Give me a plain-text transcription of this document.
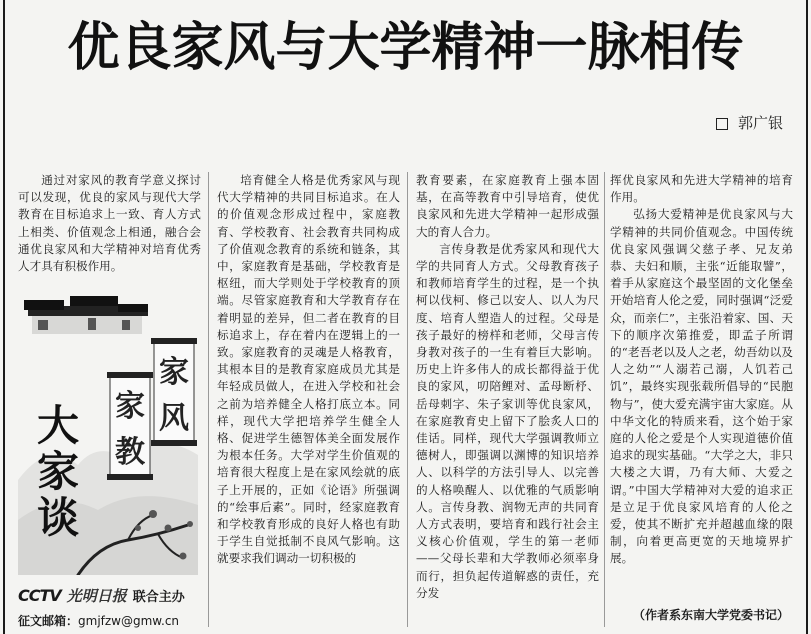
优良家风与大学精神一脉相传
郭广银

通过对家风的教育学意义探讨可以发现，优良的家风与现代大学教育在目标追求上一致、育人方式上相类、价值观念上相通，融合会通优良家风和大学精神对培育优秀人才具有积极作用。

家
风
家
教
大
家
谈
CCTV 光明日报 联合主办
征文邮箱：gmjfzw@gmw.cn

培育健全人格是优秀家风与现代大学精神的共同目标追求。在人的价值观念形成过程中，家庭教育、学校教育、社会教育共同构成了价值观念教育的系统和链条，其中，家庭教育是基础，学校教育是枢纽，而大学则处于学校教育的顶端。尽管家庭教育和大学教育存在着明显的差异，但二者在教育的目标追求上，存在着内在逻辑上的一致。家庭教育的灵魂是人格教育，其根本目的是教育家庭成员尤其是年轻成员做人，在进入学校和社会之前为培养健全人格打底立本。同样，现代大学把培养学生健全人格、促进学生德智体美全面发展作为根本任务。大学对学生价值观的培育很大程度上是在家风绘就的底子上开展的，正如《论语》所强调的“绘事后素”。同时，经家庭教育和学校教育形成的良好人格也有助于学生自觉抵制不良风气影响。这就要求我们调动一切积极的

教育要素，在家庭教育上强本固基，在高等教育中引导培育，使优良家风和先进大学精神一起形成强大的育人合力。

言传身教是优秀家风和现代大学的共同育人方式。父母教育孩子和教师培育学生的过程，是一个执柯以伐柯、修己以安人、以人为尺度、培育人塑造人的过程。父母是孩子最好的榜样和老师，父母言传身教对孩子的一生有着巨大影响。历史上许多伟人的成长都得益于优良的家风，叨陪鲤对、孟母断杼、岳母刺字、朱子家训等优良家风，在家庭教育史上留下了脍炙人口的佳话。同样，现代大学强调教师立德树人，即强调以渊博的知识培养人、以科学的方法引导人、以完善的人格唤醒人、以优雅的气质影响人。言传身教、润物无声的共同育人方式表明，要培育和践行社会主义核心价值观，学生的第一老师——父母长辈和大学教师必须率身而行，担负起传道解惑的责任，充分发

挥优良家风和先进大学精神的培育作用。

弘扬大爱精神是优良家风与大学精神的共同价值观念。中国传统优良家风强调父慈子孝、兄友弟恭、夫妇和顺，主张“近能取譬”，着手从家庭这个最坚固的文化堡垒开始培育人伦之爱，同时强调“泛爱众，而亲仁”，主张沿着家、国、天下的顺序次第推爱，即孟子所谓的“老吾老以及人之老，幼吾幼以及人之幼”“人溺若己溺，人饥若己饥”，最终实现张载所倡导的“民胞物与”，使大爱充满宇宙大家庭。从中华文化的特质来看，这个始于家庭的人伦之爱是个人实现道德价值追求的现实基础。“大学之大，非只大楼之大谓，乃有大师、大爱之谓。”中国大学精神对大爱的追求正是立足于优良家风培育的人伦之爱，使其不断扩充并超越血缘的限制，向着更高更宽的天地境界扩展。

（作者系东南大学党委书记）
